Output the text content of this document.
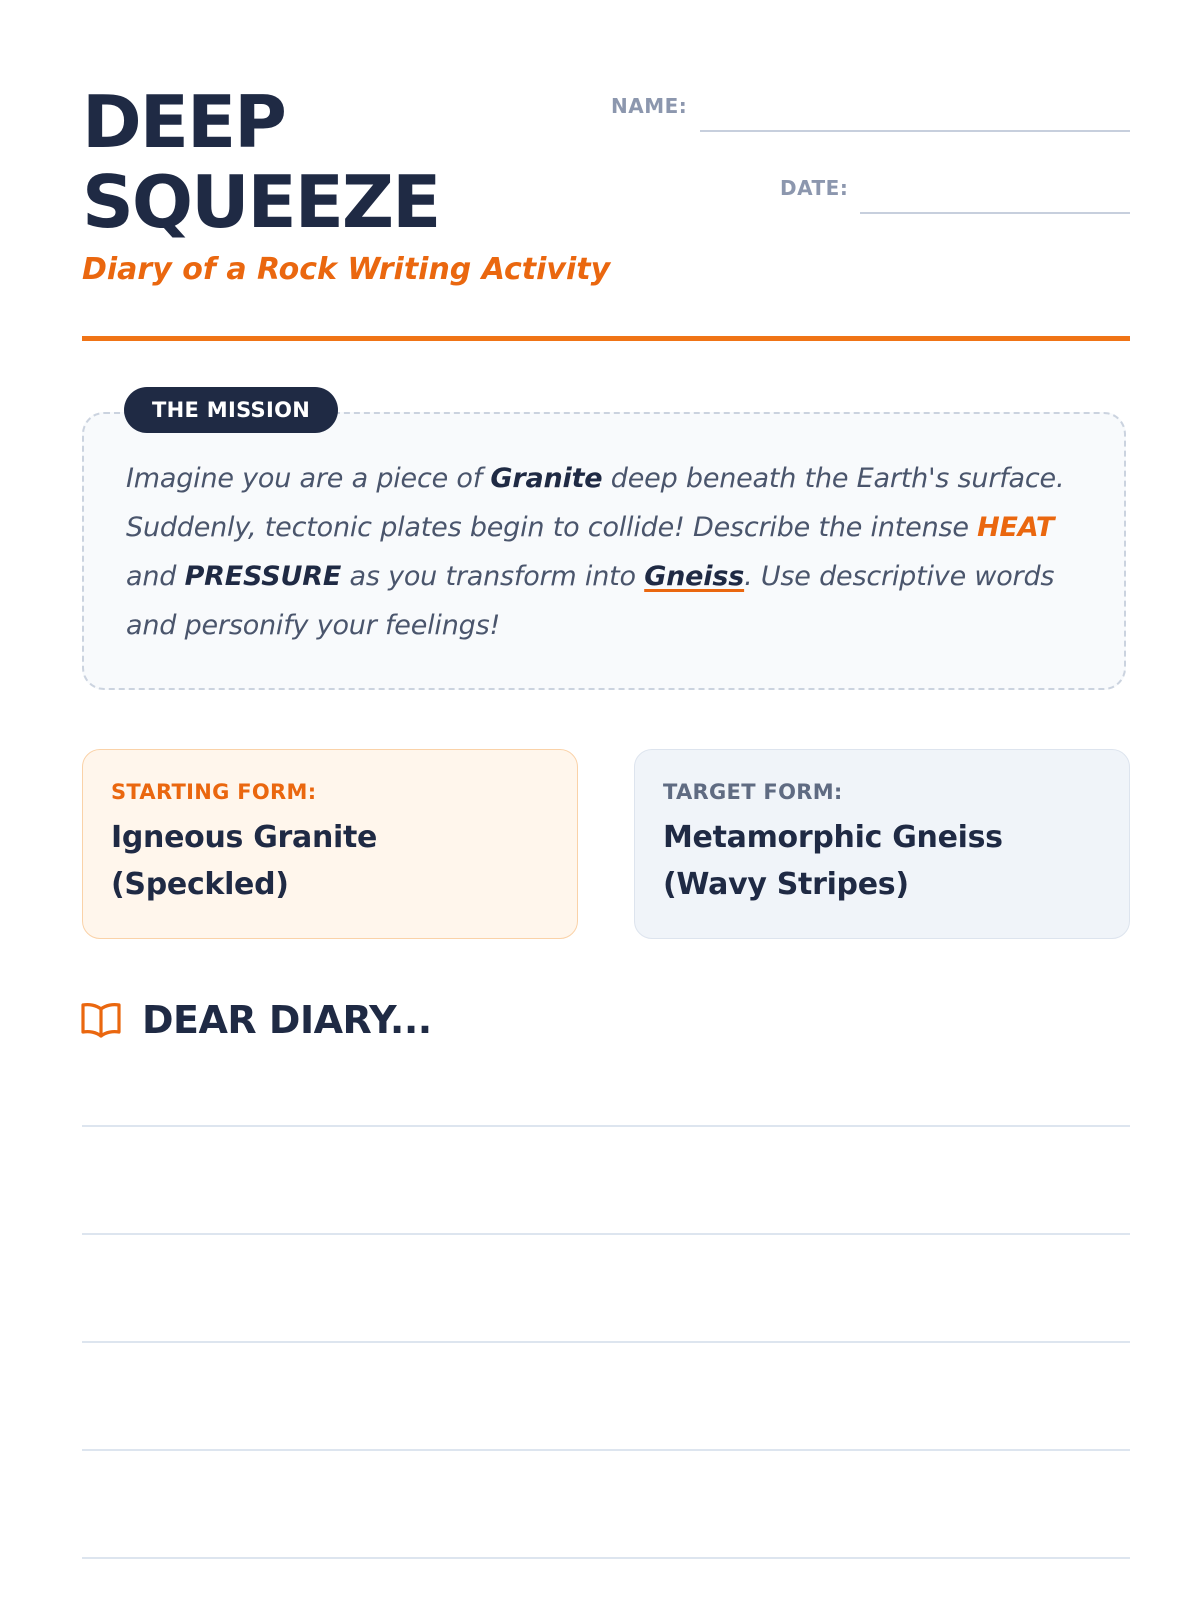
DEEP
SQUEEZE

Diary of a Rock Writing Activity

NAME:
DATE:
THE MISSION

Imagine you are a piece of Granite deep beneath the Earth's surface. Suddenly, tectonic plates begin to collide! Describe the intense HEAT and PRESSURE as you transform into Gneiss. Use descriptive words and personify your feelings!

STARTING FORM:

Igneous Granite (Speckled)

TARGET FORM:

Metamorphic Gneiss (Wavy Stripes)

DEAR DIARY...
